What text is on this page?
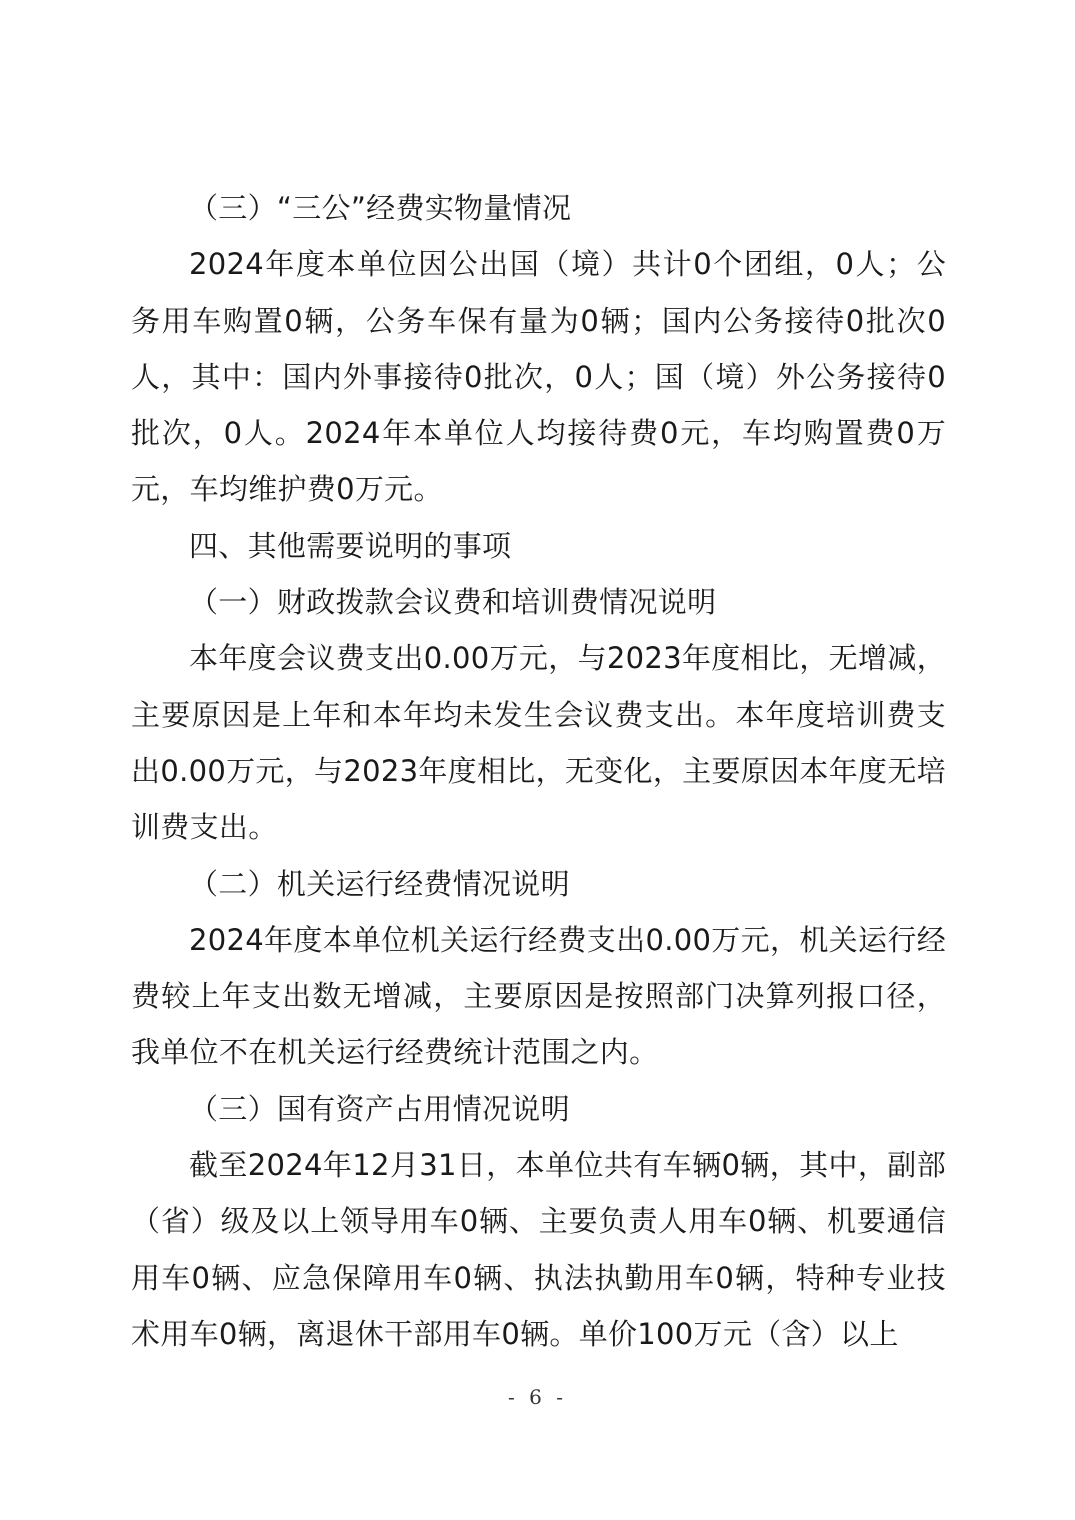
（三）“三公”经费实物量情况

2024年度本单位因公出国（境）共计0个团组，0人；公务用车购置0辆，公务车保有量为0辆；国内公务接待0批次0人，其中：国内外事接待0批次，0人；国（境）外公务接待0批次，0人。2024年本单位人均接待费0元，车均购置费0万元，车均维护费0万元。

四、其他需要说明的事项

（一）财政拨款会议费和培训费情况说明

本年度会议费支出0.00万元，与2023年度相比，无增减，主要原因是上年和本年均未发生会议费支出。本年度培训费支出0.00万元，与2023年度相比，无变化，主要原因本年度无培训费支出。

（二）机关运行经费情况说明

2024年度本单位机关运行经费支出0.00万元，机关运行经费较上年支出数无增减，主要原因是按照部门决算列报口径，我单位不在机关运行经费统计范围之内。

（三）国有资产占用情况说明

截至2024年12月31日，本单位共有车辆0辆，其中，副部（省）级及以上领导用车0辆、主要负责人用车0辆、机要通信用车0辆、应急保障用车0辆、执法执勤用车0辆，特种专业技术用车0辆，离退休干部用车0辆。单价100万元（含）以上

- 6 -
